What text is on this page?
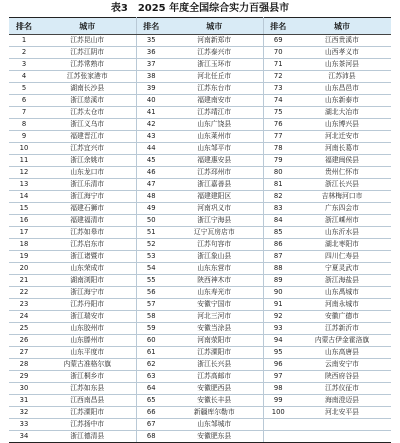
表3 2025 年度全国综合实力百强县市
排名	城市	排名	城市	排名	城市
1	江苏昆山市	35	河南新郑市	69	江西贵溪市
2	江苏江阴市	36	江苏泰兴市	70	山西孝义市
3	江苏常熟市	37	浙江玉环市	71	山东茶河县
4	江苏张家港市	38	河北任丘市	72	江苏沛县
5	湖南长沙县	39	江苏东台市	73	山东昌邑市
6	浙江慈溪市	40	福建南安市	74	山东新泰市
7	江苏太仓市	41	江苏靖江市	75	湖北大冶市
8	浙江义乌市	42	山东广饶县	76	山东博兴县
9	福建晋江市	43	山东莱州市	77	河北迁安市
10	江苏宜兴市	44	山东邹平市	78	河南长葛市
11	浙江余姚市	45	福建惠安县	79	福建闽侯县
12	山东龙口市	46	江苏邳州市	80	贵州仁怀市
13	浙江乐清市	47	浙江嘉善县	81	浙江长兴县
14	浙江海宁市	48	福建建阳区	82	吉林梅河口市
15	福建石狮市	49	河南巩义市	83	广东四会市
16	福建福清市	50	浙江宁海县	84	浙江嵊州市
17	江苏如皋市	51	辽宁瓦房店市	85	山东沂水县
18	江苏启东市	52	江苏句容市	86	湖北枣阳市
19	浙江诸暨市	53	浙江象山县	87	四川仁寿县
20	山东荣成市	54	山东东营市	88	宁夏灵武市
21	湖南浏阳市	55	陕西神木市	89	浙江海盐县
22	浙江海宁市	56	山东寿光市	90	山东禹城市
23	江苏丹阳市	57	安徽宁国市	91	河南永城市
24	浙江瑞安市	58	河北三河市	92	安徽广德市
25	山东胶州市	59	安徽当涂县	93	江苏新沂市
26	山东滕州市	60	河南荥阳市	94	内蒙古伊金霍洛旗
27	山东平度市	61	江苏溧阳市	95	山东高唐县
28	内蒙古准格尔旗	62	浙江长兴县	96	云南安宁市
29	浙江桐乡市	63	江苏高邮市	97	陕西府谷县
30	江苏如东县	64	安徽肥西县	98	江苏仪征市
31	江西南昌县	65	安徽长丰县	99	海南澄迈县
32	江苏溧阳市	66	新疆库尔勒市	100	河北安平县
33	江苏扬中市	67	山东邹城市		
34	浙江德清县	68	安徽肥东县		
